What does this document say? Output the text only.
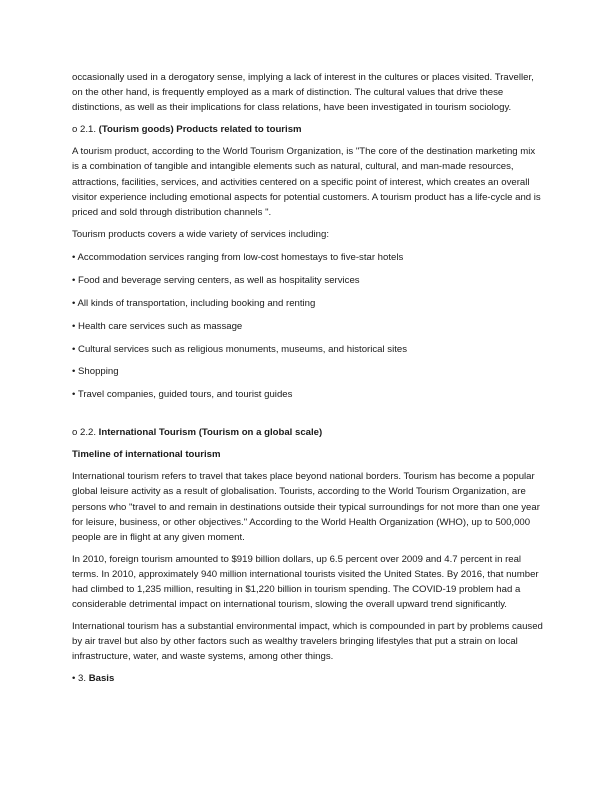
occasionally used in a derogatory sense, implying a lack of interest in the cultures or places visited. Traveller, on the other hand, is frequently employed as a mark of distinction. The cultural values that drive these distinctions, as well as their implications for class relations, have been investigated in tourism sociology.

o 2.1. (Tourism goods) Products related to tourism

A tourism product, according to the World Tourism Organization, is "The core of the destination marketing mix is a combination of tangible and intangible elements such as natural, cultural, and man-made resources, attractions, facilities, services, and activities centered on a specific point of interest, which creates an overall visitor experience including emotional aspects for potential customers. A tourism product has a life-cycle and is priced and sold through distribution channels ".

Tourism products covers a wide variety of services including:

• Accommodation services ranging from low-cost homestays to five-star hotels

• Food and beverage serving centers, as well as hospitality services

• All kinds of transportation, including booking and renting

• Health care services such as massage

• Cultural services such as religious monuments, museums, and historical sites

• Shopping

• Travel companies, guided tours, and tourist guides

o 2.2. International Tourism (Tourism on a global scale)

Timeline of international tourism

International tourism refers to travel that takes place beyond national borders. Tourism has become a popular global leisure activity as a result of globalisation. Tourists, according to the World Tourism Organization, are persons who "travel to and remain in destinations outside their typical surroundings for not more than one year for leisure, business, or other objectives." According to the World Health Organization (WHO), up to 500,000 people are in flight at any given moment.

In 2010, foreign tourism amounted to $919 billion dollars, up 6.5 percent over 2009 and 4.7 percent in real terms. In 2010, approximately 940 million international tourists visited the United States. By 2016, that number had climbed to 1,235 million, resulting in $1,220 billion in tourism spending. The COVID-19 problem had a considerable detrimental impact on international tourism, slowing the overall upward trend significantly.

International tourism has a substantial environmental impact, which is compounded in part by problems caused by air travel but also by other factors such as wealthy travelers bringing lifestyles that put a strain on local infrastructure, water, and waste systems, among other things.

• 3. Basis
